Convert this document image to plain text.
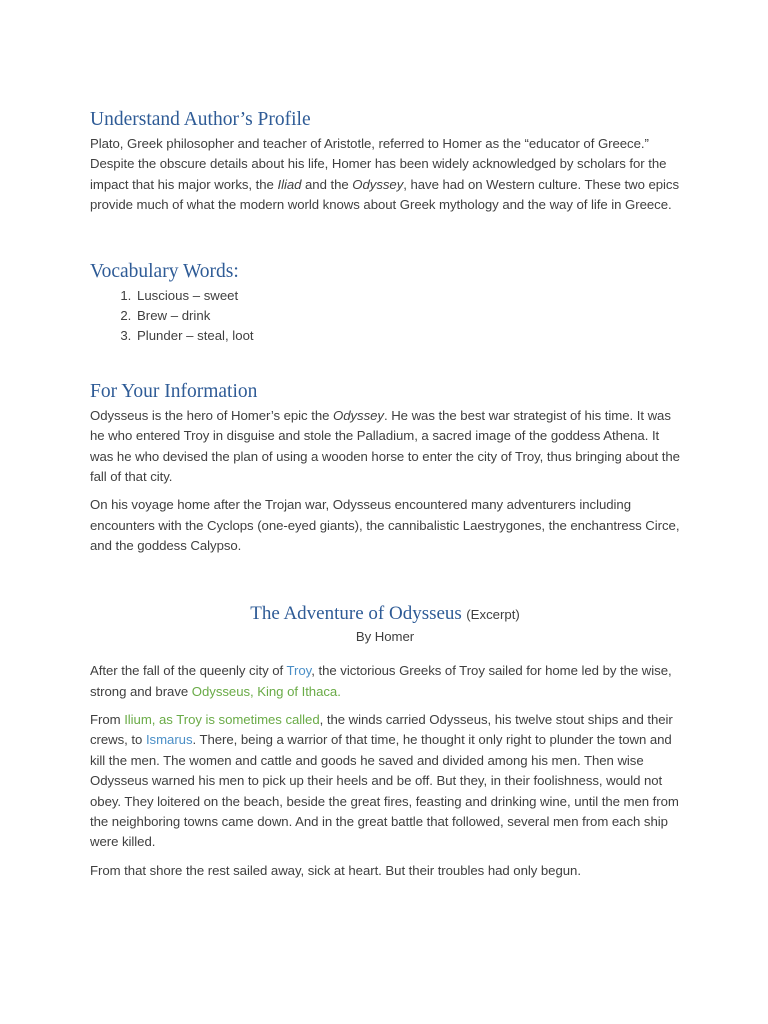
Understand Author’s Profile

Plato, Greek philosopher and teacher of Aristotle, referred to Homer as the “educator of Greece.” Despite the obscure details about his life, Homer has been widely acknowledged by scholars for the impact that his major works, the Iliad and the Odyssey, have had on Western culture. These two epics provide much of what the modern world knows about Greek mythology and the way of life in Greece.

Vocabulary Words:
1. Luscious – sweet
2. Brew – drink
3. Plunder – steal, loot
For Your Information

Odysseus is the hero of Homer’s epic the Odyssey. He was the best war strategist of his time. It was he who entered Troy in disguise and stole the Palladium, a sacred image of the goddess Athena. It was he who devised the plan of using a wooden horse to enter the city of Troy, thus bringing about the fall of that city.

On his voyage home after the Trojan war, Odysseus encountered many adventurers including encounters with the Cyclops (one-eyed giants), the cannibalistic Laestrygones, the enchantress Circe, and the goddess Calypso.

The Adventure of Odysseus (Excerpt)

By Homer

After the fall of the queenly city of Troy, the victorious Greeks of Troy sailed for home led by the wise, strong and brave Odysseus, King of Ithaca.

From Ilium, as Troy is sometimes called, the winds carried Odysseus, his twelve stout ships and their crews, to Ismarus. There, being a warrior of that time, he thought it only right to plunder the town and kill the men. The women and cattle and goods he saved and divided among his men. Then wise Odysseus warned his men to pick up their heels and be off. But they, in their foolishness, would not obey. They loitered on the beach, beside the great fires, feasting and drinking wine, until the men from the neighboring towns came down. And in the great battle that followed, several men from each ship were killed.

From that shore the rest sailed away, sick at heart. But their troubles had only begun.
